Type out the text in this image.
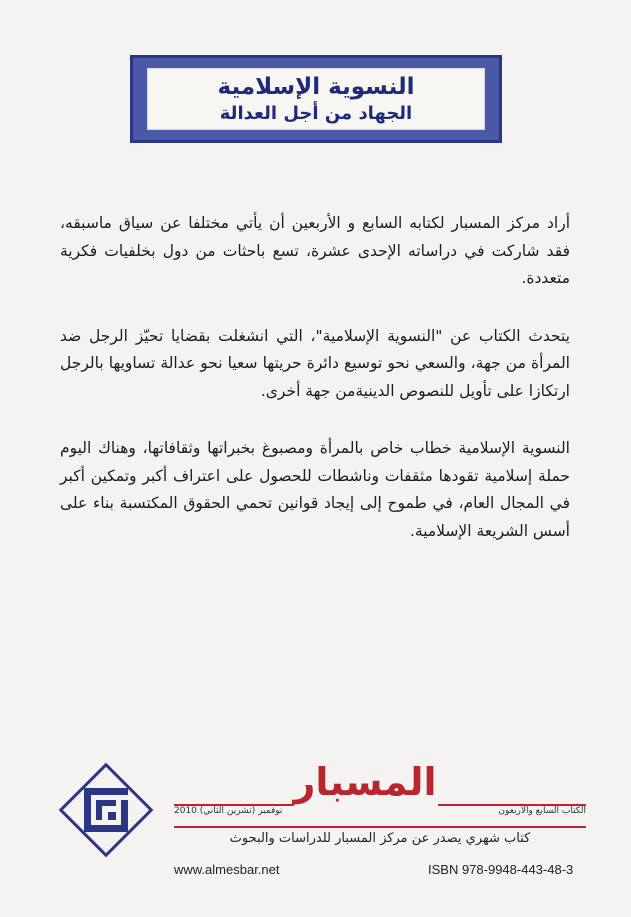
النسوية الإسلامية
الجهاد من أجل العدالة

أراد مركز المسبار لكتابه السابع و الأربعين أن يأتي مختلفا عن سياق ماسبقه، فقد شاركت في دراساته الإحدى عشرة، تسع باحثات من دول بخلفيات فكرية متعددة.

يتحدث الكتاب عن "النسوية الإسلامية"، التي انشغلت بقضايا تحيّز الرجل ضد المرأة من جهة، والسعي نحو توسيع دائرة حريتها سعيا نحو عدالة تساويها بالرجل ارتكازا على تأويل للنصوص الدينيةمن جهة أخرى.

النسوية الإسلامية خطاب خاص بالمرأة ومصبوغ بخبراتها وثقافاتها، وهناك اليوم حملة إسلامية تقودها مثقفات وناشطات للحصول على اعتراف أكبر وتمكين أكبر في المجال العام، في طموح إلى إيجاد قوانين تحمي الحقوق المكتسبة بناء على أسس الشريعة الإسلامية.

المسبار
الكتاب السابع والأربعون
نوفمبر (تشرين الثاني) 2010
كتاب شهري يصدر عن مركز المسبار للدراسات والبحوث
www.almesbar.net	ISBN 978-9948-443-48-3
